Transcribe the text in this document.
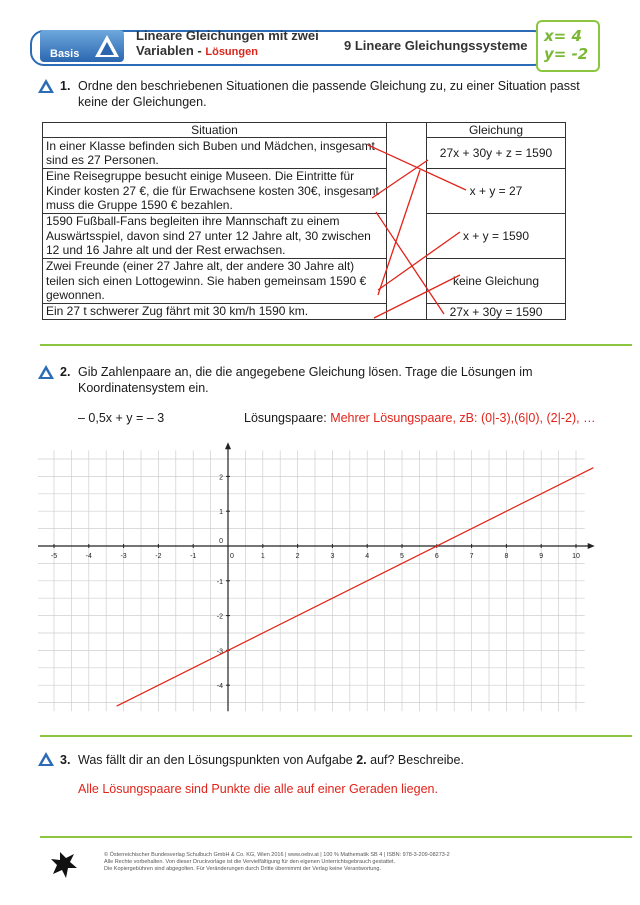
Basis
Lineare Gleichungen mit zwei
Variablen - Lösungen	9 Lineare Gleichungssysteme
x= 4
y= -2
1. Ordne den beschriebenen Situationen die passende Gleichung zu, zu einer Situation passt keine der Gleichungen.
Situation		Gleichung
In einer Klasse befinden sich Buben und Mädchen, insgesamt sind es 27 Personen.		27x + 30y + z = 1590
Eine Reisegruppe besucht einige Museen. Die Eintritte für Kinder kosten 27 €, die für Erwachsene kosten 30€, insgesamt muss die Gruppe 1590 € bezahlen.		x + y = 27
1590 Fußball-Fans begleiten ihre Mannschaft zu einem Auswärtsspiel, davon sind 27 unter 12 Jahre alt, 30 zwischen 12 und 16 Jahre alt und der Rest erwachsen.		x + y = 1590
Zwei Freunde (einer 27 Jahre alt, der andere 30 Jahre alt) teilen sich einen Lottogewinn. Sie haben gemeinsam 1590 € gewonnen.		keine Gleichung
Ein 27 t schwerer Zug fährt mit 30 km/h 1590 km.		27x + 30y = 1590
2. Gib Zahlenpaare an, die die angegebene Gleichung lösen. Trage die Lösungen im Koordinatensystem ein.
– 0,5x + y = – 3	Lösungspaare: Mehrer Lösungspaare, zB: (0|-3),(6|0), (2|-2), …
-5	-4	-3	-2	-1	0	1	2	3	4	5	6	7	8	9	10
2
1
-1
-2
-3
-4
0
3. Was fällt dir an den Lösungspunkten von Aufgabe 2. auf? Beschreibe.
Alle Lösungspaare sind Punkte die alle auf einer Geraden liegen.
© Österreichischer Bundesverlag Schulbuch GmbH & Co. KG, Wien 2016 | www.oebv.at | 100 % Mathematik SB 4 | ISBN: 978-3-209-08273-2
Alle Rechte vorbehalten. Von dieser Druckvorlage ist die Vervielfältigung für den eigenen Unterrichtsgebrauch gestattet.
Die Kopiergebühren sind abgegolten. Für Veränderungen durch Dritte übernimmt der Verlag keine Verantwortung.
